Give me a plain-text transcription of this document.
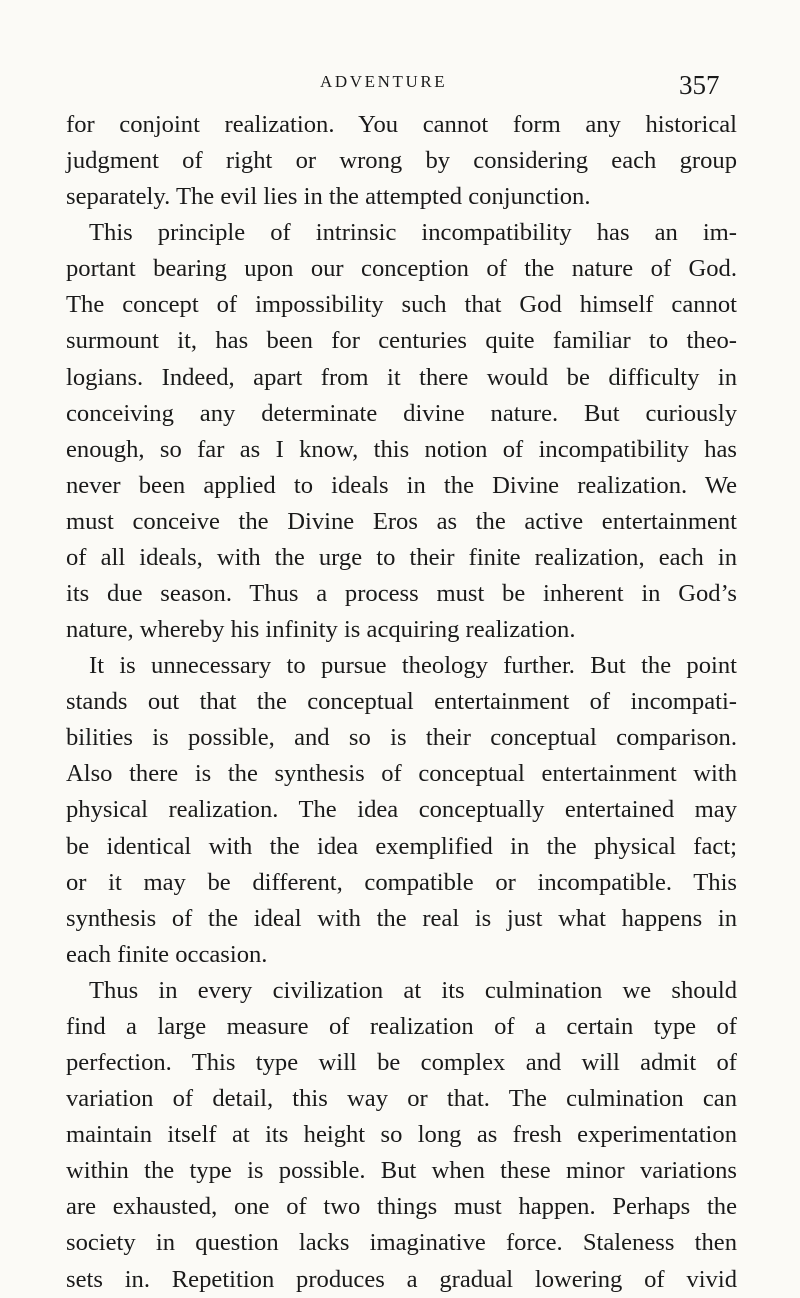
ADVENTURE	357
for conjoint realization. You cannot form any historical
judgment of right or wrong by considering each group
separately. The evil lies in the attempted conjunction.
This principle of intrinsic incompatibility has an im-
portant bearing upon our conception of the nature of God.
The concept of impossibility such that God himself cannot
surmount it, has been for centuries quite familiar to theo-
logians. Indeed, apart from it there would be difficulty in
conceiving any determinate divine nature. But curiously
enough, so far as I know, this notion of incompatibility has
never been applied to ideals in the Divine realization. We
must conceive the Divine Eros as the active entertainment
of all ideals, with the urge to their finite realization, each in
its due season. Thus a process must be inherent in God’s
nature, whereby his infinity is acquiring realization.
It is unnecessary to pursue theology further. But the point
stands out that the conceptual entertainment of incompati-
bilities is possible, and so is their conceptual comparison.
Also there is the synthesis of conceptual entertainment with
physical realization. The idea conceptually entertained may
be identical with the idea exemplified in the physical fact;
or it may be different, compatible or incompatible. This
synthesis of the ideal with the real is just what happens in
each finite occasion.
Thus in every civilization at its culmination we should
find a large measure of realization of a certain type of
perfection. This type will be complex and will admit of
variation of detail, this way or that. The culmination can
maintain itself at its height so long as fresh experimentation
within the type is possible. But when these minor variations
are exhausted, one of two things must happen. Perhaps the
society in question lacks imaginative force. Staleness then
sets in. Repetition produces a gradual lowering of vivid
